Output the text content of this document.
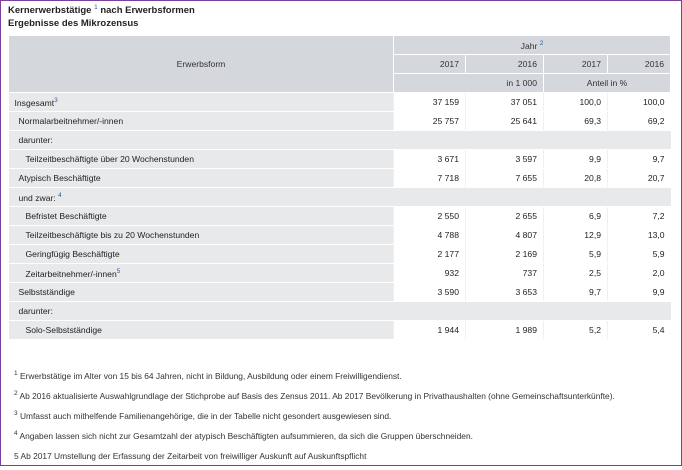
Kernerwerbstätige $^1$ nach Erwerbsformen
Ergebnisse des Mikrozensus
Erwerbsform	Jahr $^2$
	2017	2016	2017	2016
	in 1 000		Anteil in %	
Insgesamt$^3$	37 159	37 051	100,0	100,0
Normalarbeitnehmer/-innen	25 757	25 641	69,3	69,2
darunter:				
Teilzeitbeschäftigte über 20 Wochenstunden	3 671	3 597	9,9	9,7
Atypisch Beschäftigte	7 718	7 655	20,8	20,7
und zwar: $^4$				
Befristet Beschäftigte	2 550	2 655	6,9	7,2
Teilzeitbeschäftigte bis zu 20 Wochenstunden	4 788	4 807	12,9	13,0
Geringfügig Beschäftigte	2 177	2 169	5,9	5,9
Zeitarbeitnehmer/-innen$^5$	932	737	2,5	2,0
Selbstständige	3 590	3 653	9,7	9,9
darunter:				
Solo-Selbstständige	1 944	1 989	5,2	5,4
$^1$ Erwerbstätige im Alter von 15 bis 64 Jahren, nicht in Bildung, Ausbildung oder einem Freiwilligendienst.
$^2$ Ab 2016 aktualisierte Auswahlgrundlage der Stichprobe auf Basis des Zensus 2011. Ab 2017 Bevölkerung in Privathaushalten (ohne Gemeinschaftsunterkünfte).
$^3$ Umfasst auch mithelfende Familienangehörige, die in der Tabelle nicht gesondert ausgewiesen sind.
$^4$ Angaben lassen sich nicht zur Gesamtzahl der atypisch Beschäftigten aufsummieren, da sich die Gruppen überschneiden.
5 Ab 2017 Umstellung der Erfassung der Zeitarbeit von freiwilliger Auskunft auf Auskunftspflicht
